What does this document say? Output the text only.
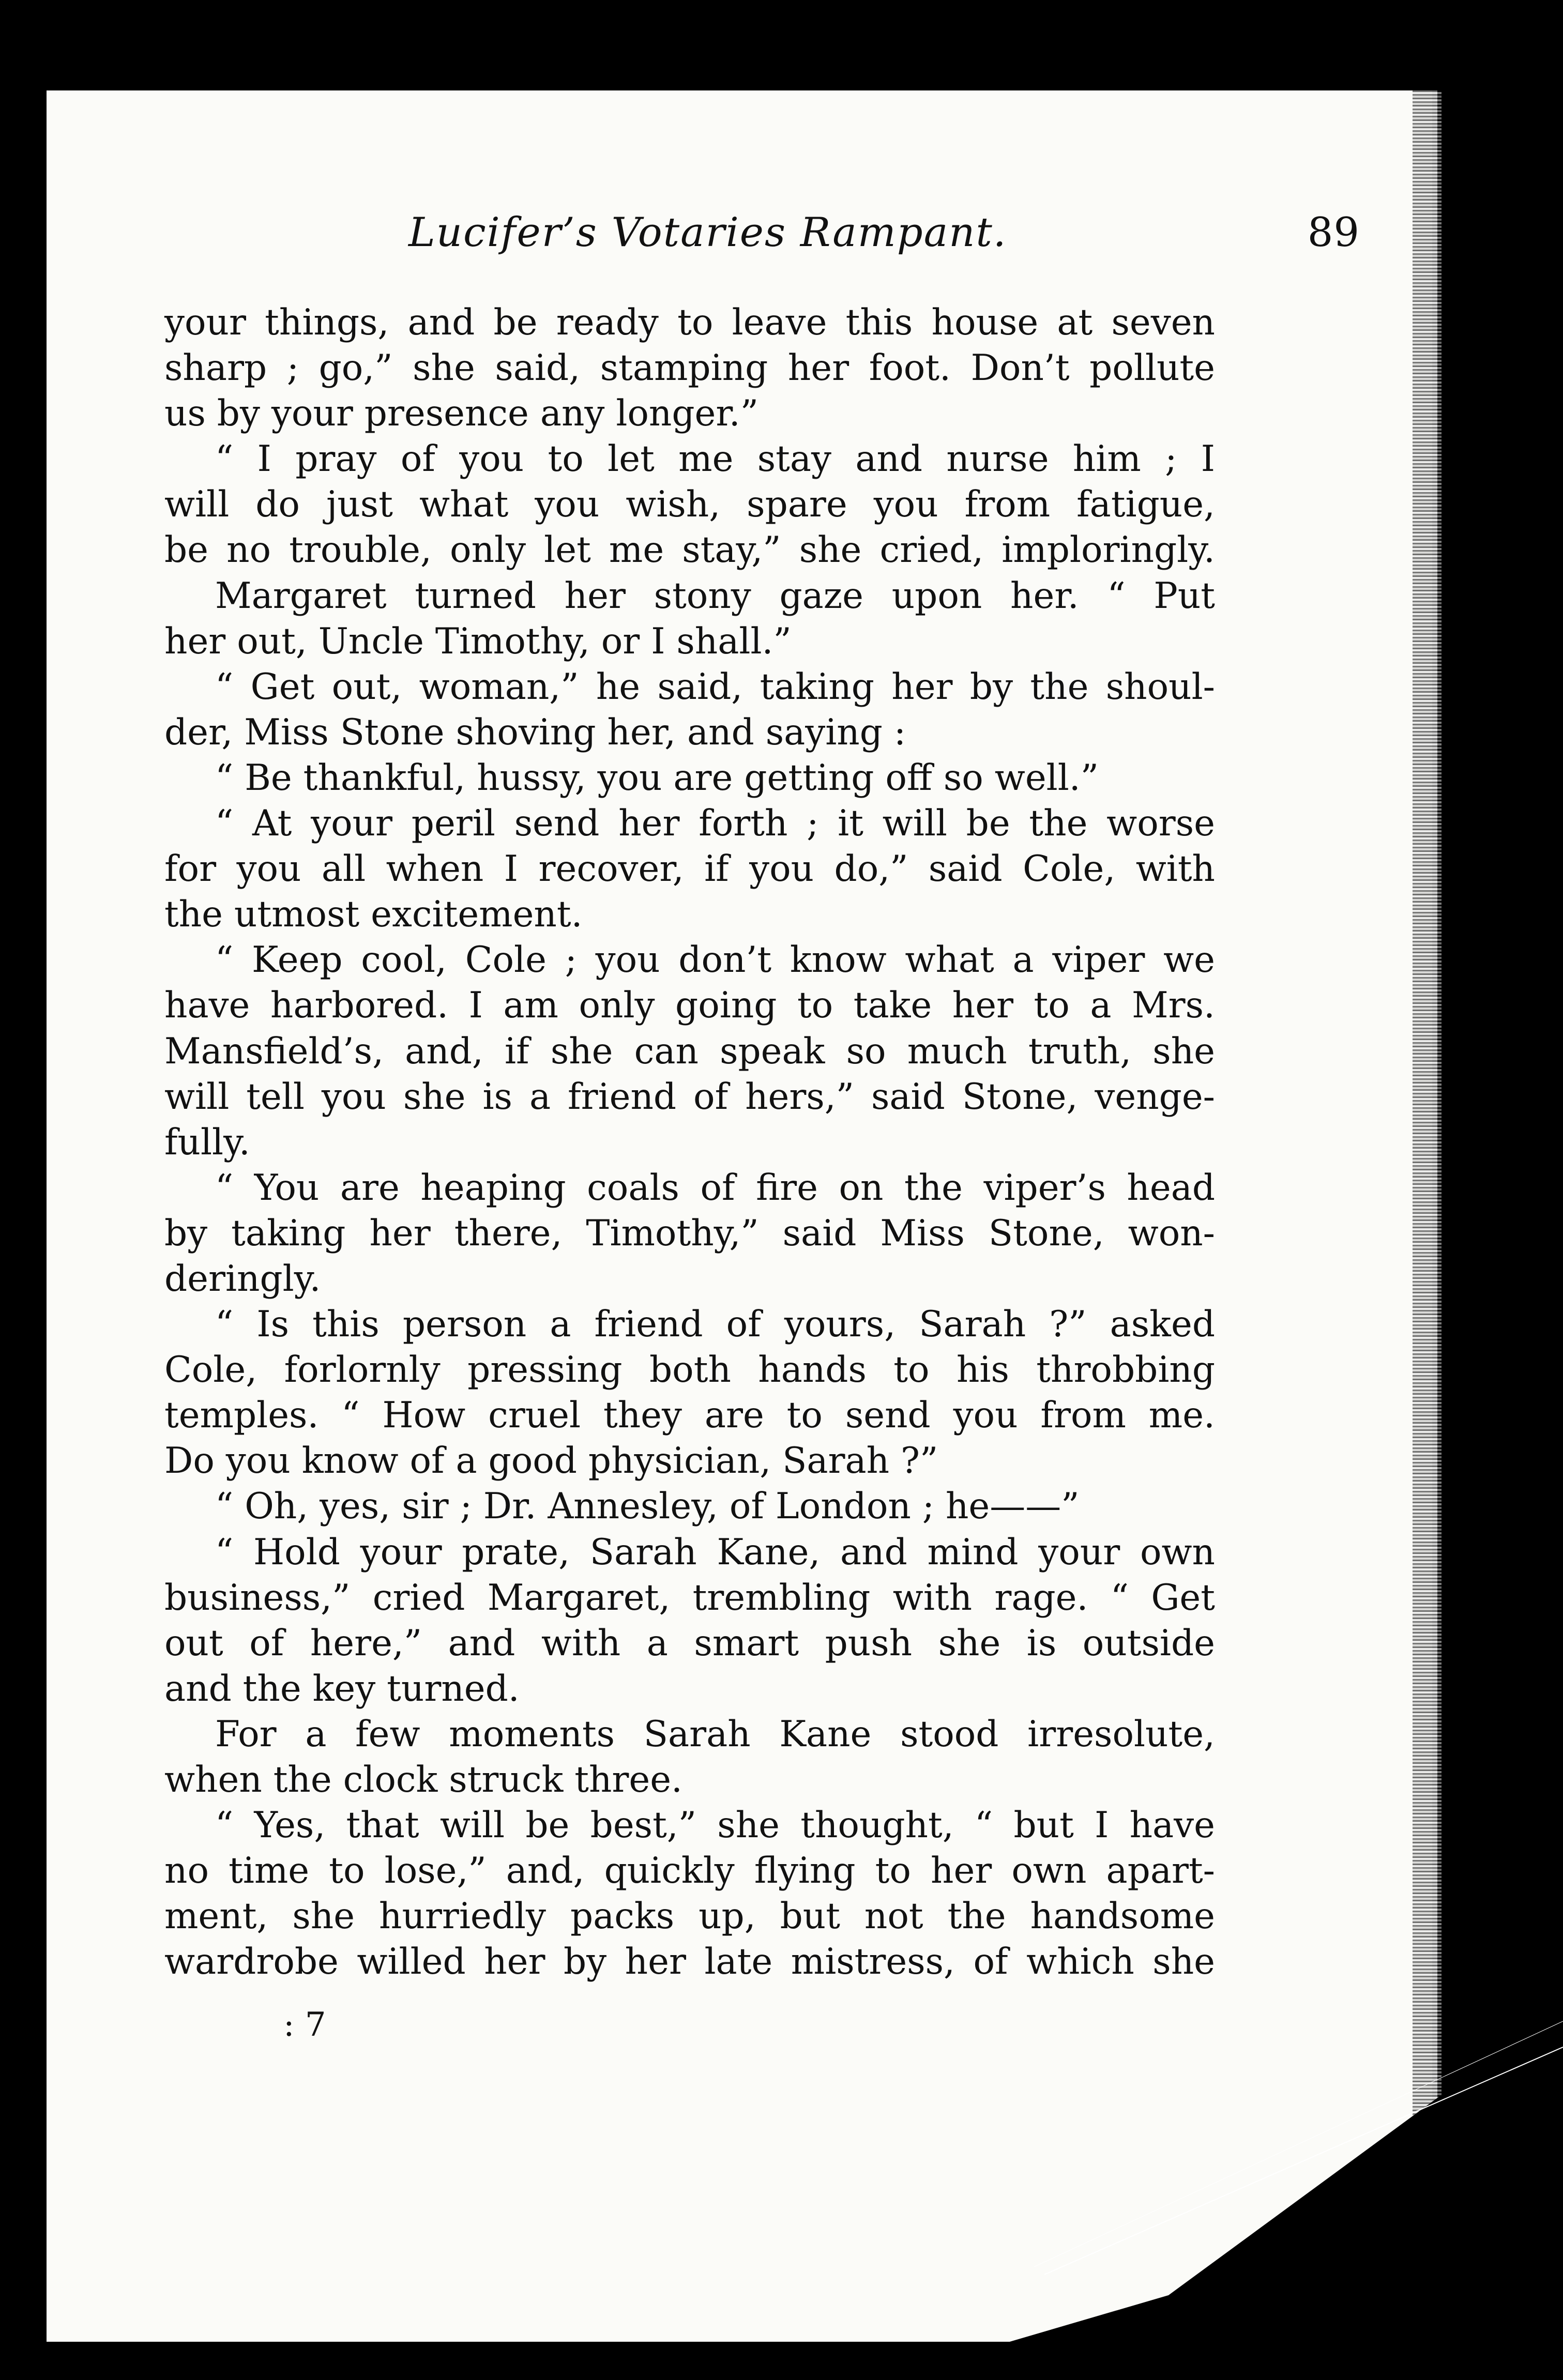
Lucifer’s Votaries Rampant.	89
your things, and be ready to leave this house at seven
sharp ; go,” she said, stamping her foot. Don’t pollute
us by your presence any longer.”
“ I pray of you to let me stay and nurse him ; I
will do just what you wish, spare you from fatigue,
be no trouble, only let me stay,” she cried, imploringly.
Margaret turned her stony gaze upon her. “ Put
her out, Uncle Timothy, or I shall.”
“ Get out, woman,” he said, taking her by the shoul-
der, Miss Stone shoving her, and saying :
“ Be thankful, hussy, you are getting off so well.”
“ At your peril send her forth ; it will be the worse
for you all when I recover, if you do,” said Cole, with
the utmost excitement.
“ Keep cool, Cole ; you don’t know what a viper we
have harbored. I am only going to take her to a Mrs.
Mansfield’s, and, if she can speak so much truth, she
will tell you she is a friend of hers,” said Stone, venge-
fully.
“ You are heaping coals of fire on the viper’s head
by taking her there, Timothy,” said Miss Stone, won-
deringly.
“ Is this person a friend of yours, Sarah ?” asked
Cole, forlornly pressing both hands to his throbbing
temples. “ How cruel they are to send you from me.
Do you know of a good physician, Sarah ?”
“ Oh, yes, sir ; Dr. Annesley, of London ; he——”
“ Hold your prate, Sarah Kane, and mind your own
business,” cried Margaret, trembling with rage. “ Get
out of here,” and with a smart push she is outside
and the key turned.
For a few moments Sarah Kane stood irresolute,
when the clock struck three.
“ Yes, that will be best,” she thought, “ but I have
no time to lose,” and, quickly flying to her own apart-
ment, she hurriedly packs up, but not the handsome
wardrobe willed her by her late mistress, of which she
: 7
